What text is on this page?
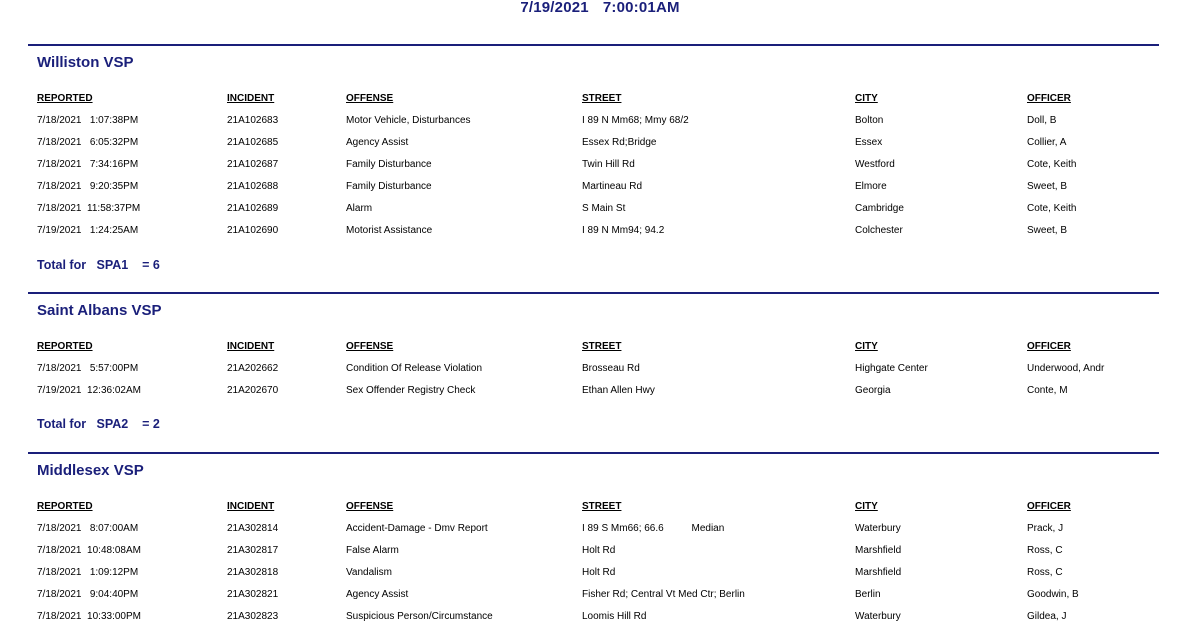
7/19/2021 7:00:01AM
Williston VSP
REPORTED	INCIDENT	OFFENSE	STREET	CITY	OFFICER
7/18/2021   1:07:38PM	21A102683	Motor Vehicle, Disturbances	I 89 N Mm68; Mmy 68/2	Bolton	Doll, B
7/18/2021   6:05:32PM	21A102685	Agency Assist	Essex Rd;Bridge	Essex	Collier, A
7/18/2021   7:34:16PM	21A102687	Family Disturbance	Twin Hill Rd	Westford	Cote, Keith
7/18/2021   9:20:35PM	21A102688	Family Disturbance	Martineau Rd	Elmore	Sweet, B
7/18/2021  11:58:37PM	21A102689	Alarm	S Main St	Cambridge	Cote, Keith
7/19/2021   1:24:25AM	21A102690	Motorist Assistance	I 89 N Mm94; 94.2	Colchester	Sweet, B
Total for SPA1 = 6
Saint Albans VSP
REPORTED	INCIDENT	OFFENSE	STREET	CITY	OFFICER
7/18/2021   5:57:00PM	21A202662	Condition Of Release Violation	Brosseau Rd	Highgate Center	Underwood, Andr
7/19/2021  12:36:02AM	21A202670	Sex Offender Registry Check	Ethan Allen Hwy	Georgia	Conte, M
Total for SPA2 = 2
Middlesex VSP
REPORTED	INCIDENT	OFFENSE	STREET	CITY	OFFICER
7/18/2021   8:07:00AM	21A302814	Accident-Damage - Dmv Report	I 89 S Mm66; 66.6          Median	Waterbury	Prack, J
7/18/2021  10:48:08AM	21A302817	False Alarm	Holt Rd	Marshfield	Ross, C
7/18/2021   1:09:12PM	21A302818	Vandalism	Holt Rd	Marshfield	Ross, C
7/18/2021   9:04:40PM	21A302821	Agency Assist	Fisher Rd; Central Vt Med Ctr; Berlin	Berlin	Goodwin, B
7/18/2021  10:33:00PM	21A302823	Suspicious Person/Circumstance	Loomis Hill Rd	Waterbury	Gildea, J
